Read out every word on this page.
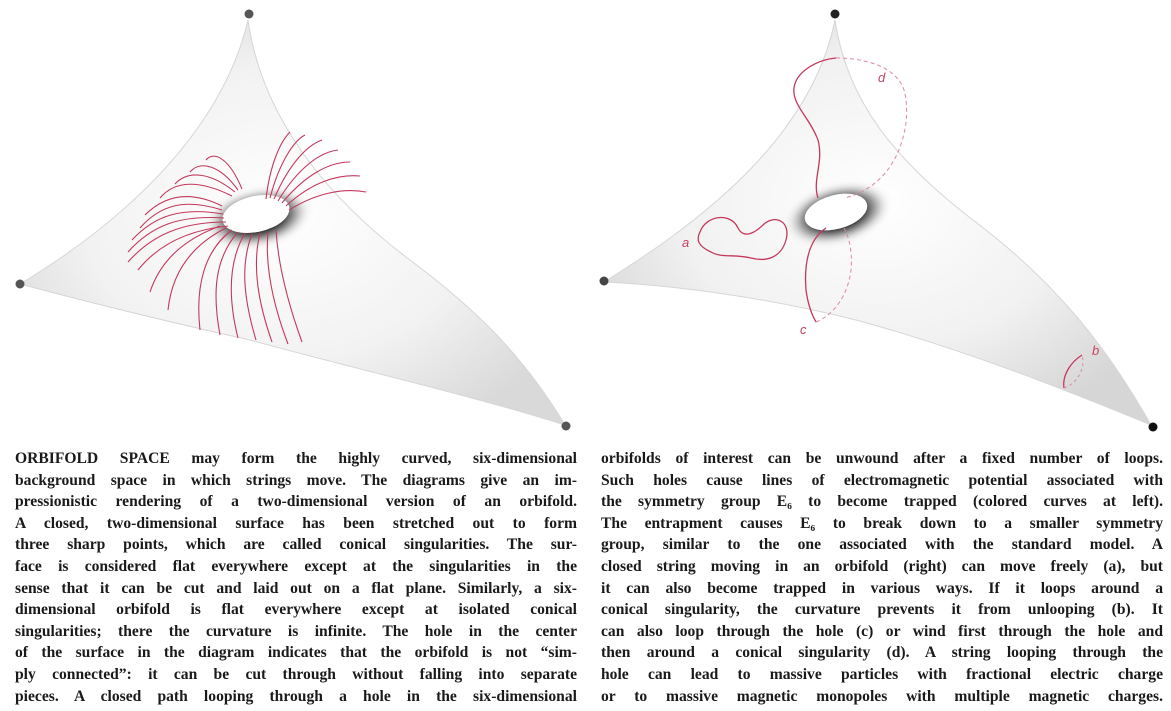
a
b
c
d
ORBIFOLD SPACE may form the highly curved, six-dimensional
background space in which strings move. The diagrams give an im-
pressionistic rendering of a two-dimensional version of an orbifold.
A closed, two-dimensional surface has been stretched out to form
three sharp points, which are called conical singularities. The sur-
face is considered flat everywhere except at the singularities in the
sense that it can be cut and laid out on a flat plane. Similarly, a six-
dimensional orbifold is flat everywhere except at isolated conical
singularities; there the curvature is infinite. The hole in the center
of the surface in the diagram indicates that the orbifold is not “sim-
ply connected”: it can be cut through without falling into separate
pieces. A closed path looping through a hole in the six-dimensional
orbifolds of interest can be unwound after a fixed number of loops.
Such holes cause lines of electromagnetic potential associated with
the symmetry group E₆ to become trapped (colored curves at left).
The entrapment causes E₆ to break down to a smaller symmetry
group, similar to the one associated with the standard model. A
closed string moving in an orbifold (right) can move freely (a), but
it can also become trapped in various ways. If it loops around a
conical singularity, the curvature prevents it from unlooping (b). It
can also loop through the hole (c) or wind first through the hole and
then around a conical singularity (d). A string looping through the
hole can lead to massive particles with fractional electric charge
or to massive magnetic monopoles with multiple magnetic charges.
